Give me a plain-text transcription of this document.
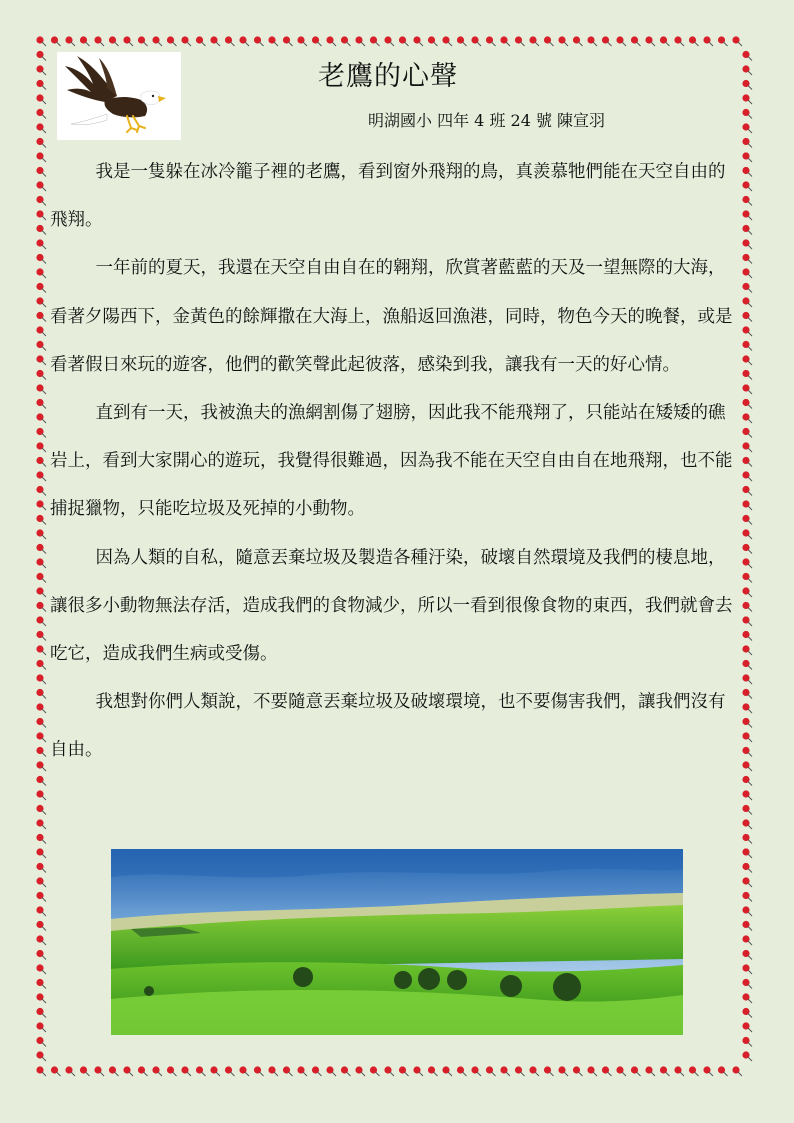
老鷹的心聲
明湖國小 四年 4 班 24 號 陳宣羽

我是一隻躲在冰冷籠子裡的老鷹，看到窗外飛翔的鳥，真羨慕牠們能在天空自由的飛翔。

一年前的夏天，我還在天空自由自在的翱翔，欣賞著藍藍的天及一望無際的大海，看著夕陽西下，金黃色的餘輝撒在大海上，漁船返回漁港，同時，物色今天的晚餐，或是看著假日來玩的遊客，他們的歡笑聲此起彼落，感染到我，讓我有一天的好心情。

直到有一天，我被漁夫的漁網割傷了翅膀，因此我不能飛翔了，只能站在矮矮的礁岩上，看到大家開心的遊玩，我覺得很難過，因為我不能在天空自由自在地飛翔，也不能捕捉獵物，只能吃垃圾及死掉的小動物。

因為人類的自私，隨意丟棄垃圾及製造各種汙染，破壞自然環境及我們的棲息地，讓很多小動物無法存活，造成我們的食物減少，所以一看到很像食物的東西，我們就會去吃它，造成我們生病或受傷。

我想對你們人類說，不要隨意丟棄垃圾及破壞環境，也不要傷害我們，讓我們沒有自由。
